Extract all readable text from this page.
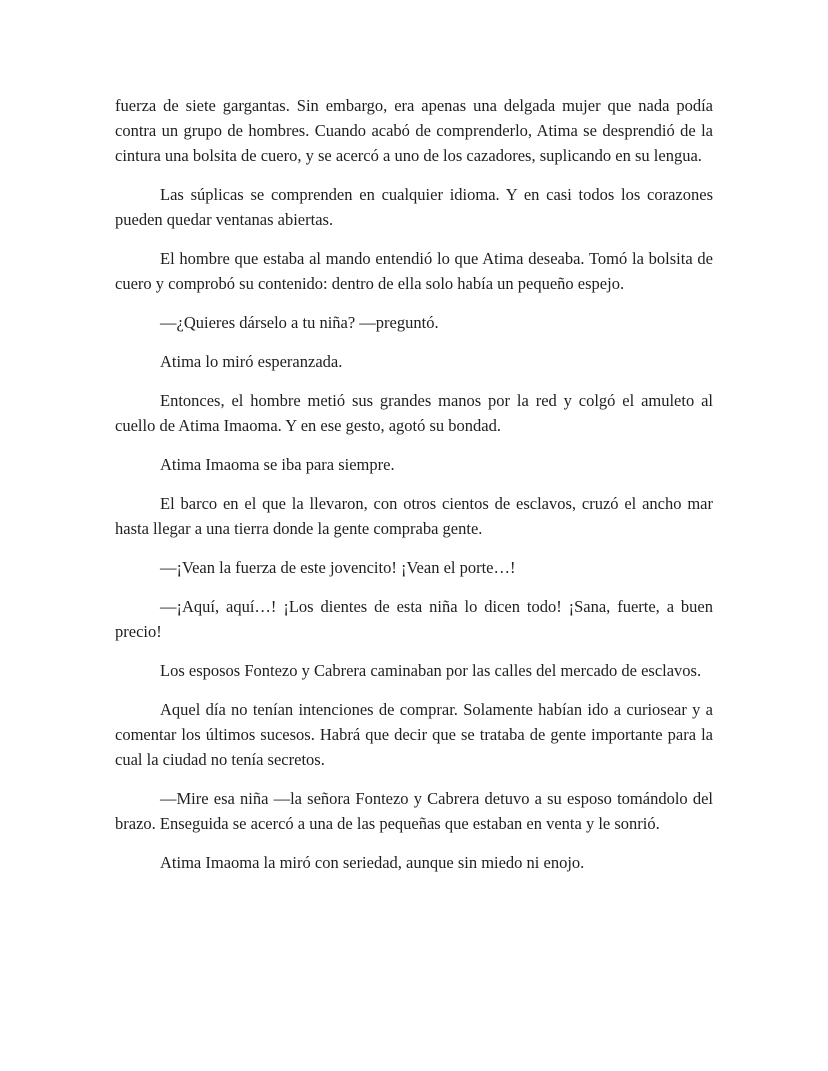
fuerza de siete gargantas. Sin embargo, era apenas una delgada mujer que nada podía contra un grupo de hombres. Cuando acabó de comprenderlo, Atima se desprendió de la cintura una bolsita de cuero, y se acercó a uno de los cazadores, suplicando en su lengua.

Las súplicas se comprenden en cualquier idioma. Y en casi todos los corazones pueden quedar ventanas abiertas.

El hombre que estaba al mando entendió lo que Atima deseaba. Tomó la bolsita de cuero y comprobó su contenido: dentro de ella solo había un pequeño espejo.

—¿Quieres dárselo a tu niña? —preguntó.

Atima lo miró esperanzada.

Entonces, el hombre metió sus grandes manos por la red y colgó el amuleto al cuello de Atima Imaoma. Y en ese gesto, agotó su bondad.

Atima Imaoma se iba para siempre.

El barco en el que la llevaron, con otros cientos de esclavos, cruzó el ancho mar hasta llegar a una tierra donde la gente compraba gente.

—¡Vean la fuerza de este jovencito! ¡Vean el porte…!

—¡Aquí, aquí…! ¡Los dientes de esta niña lo dicen todo! ¡Sana, fuerte, a buen precio!

Los esposos Fontezo y Cabrera caminaban por las calles del mercado de esclavos.

Aquel día no tenían intenciones de comprar. Solamente habían ido a curiosear y a comentar los últimos sucesos. Habrá que decir que se trataba de gente importante para la cual la ciudad no tenía secretos.

—Mire esa niña —la señora Fontezo y Cabrera detuvo a su esposo tomándolo del brazo. Enseguida se acercó a una de las pequeñas que estaban en venta y le sonrió.

Atima Imaoma la miró con seriedad, aunque sin miedo ni enojo.
